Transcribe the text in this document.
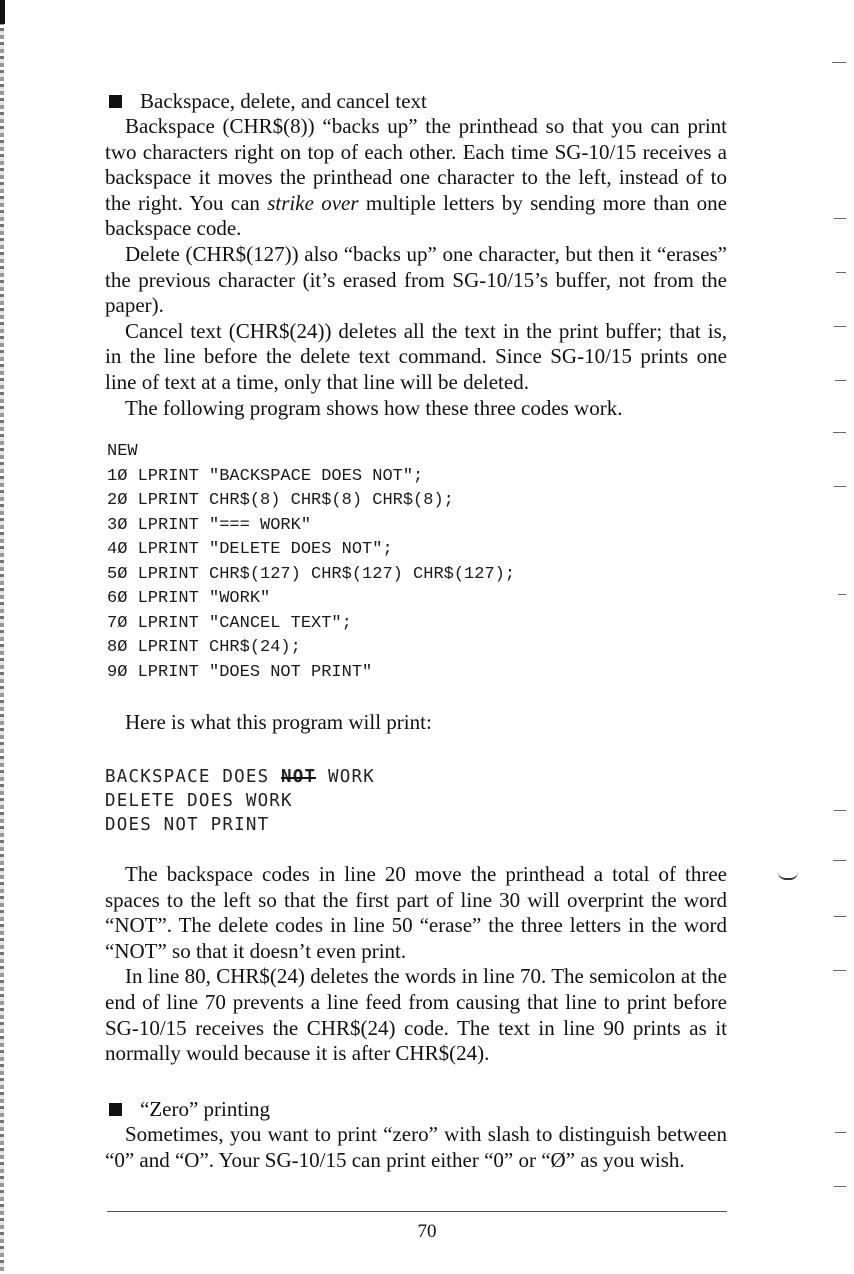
Backspace, delete, and cancel text

Backspace (CHR$(8)) “backs up” the printhead so that you can print two characters right on top of each other. Each time SG-10/15 receives a backspace it moves the printhead one character to the left, instead of to the right. You can strike over multiple letters by sending more than one backspace code.

Delete (CHR$(127)) also “backs up” one character, but then it “erases” the previous character (it’s erased from SG-10/15’s buffer, not from the paper).

Cancel text (CHR$(24)) deletes all the text in the print buffer; that is, in the line before the delete text command. Since SG-10/15 prints one line of text at a time, only that line will be deleted.

The following program shows how these three codes work.

NEW
1Ø LPRINT "BACKSPACE DOES NOT";
2Ø LPRINT CHR$(8) CHR$(8) CHR$(8);
3Ø LPRINT "=== WORK"
4Ø LPRINT "DELETE DOES NOT";
5Ø LPRINT CHR$(127) CHR$(127) CHR$(127);
6Ø LPRINT "WORK"
7Ø LPRINT "CANCEL TEXT";
8Ø LPRINT CHR$(24);
9Ø LPRINT "DOES NOT PRINT"

Here is what this program will print:

BACKSPACE DOES NOT WORK
DELETE DOES WORK
DOES NOT PRINT

The backspace codes in line 20 move the printhead a total of three spaces to the left so that the first part of line 30 will overprint the word “NOT”. The delete codes in line 50 “erase” the three letters in the word “NOT” so that it doesn’t even print.

In line 80, CHR$(24) deletes the words in line 70. The semicolon at the end of line 70 prevents a line feed from causing that line to print before SG-10/15 receives the CHR$(24) code. The text in line 90 prints as it normally would because it is after CHR$(24).

“Zero” printing

Sometimes, you want to print “zero” with slash to distinguish between “0” and “O”. Your SG-10/15 can print either “0” or “Ø” as you wish.

70
